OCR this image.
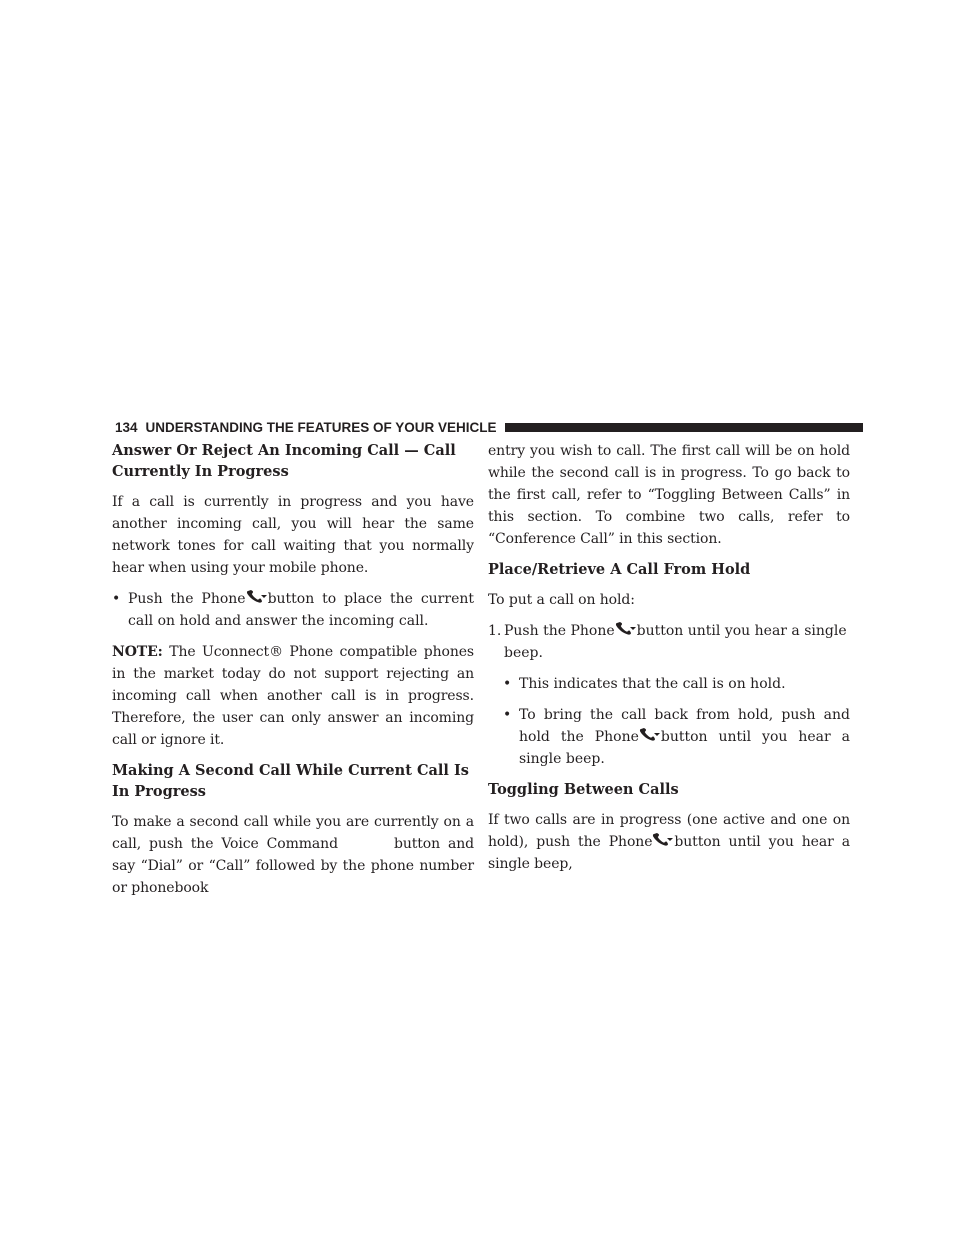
134 UNDERSTANDING THE FEATURES OF YOUR VEHICLE
Answer Or Reject An Incoming Call — Call Currently In Progress

If a call is currently in progress and you have another incoming call, you will hear the same network tones for call waiting that you normally hear when using your mobile phone.

• Push the Phone button to place the current call on hold and answer the incoming call.

NOTE: The Uconnect® Phone compatible phones in the market today do not support rejecting an incoming call when another call is in progress. Therefore, the user can only answer an incoming call or ignore it.

Making A Second Call While Current Call Is In Progress

To make a second call while you are currently on a call, push the Voice Command	button and say “Dial” or “Call” followed by the phone number or phonebook

entry you wish to call. The first call will be on hold while the second call is in progress. To go back to the first call, refer to “Toggling Between Calls” in this section. To combine two calls, refer to “Conference Call” in this section.

Place/Retrieve A Call From Hold

To put a call on hold:

1. Push the Phone button until you hear a single beep.
• This indicates that the call is on hold.
• To bring the call back from hold, push and hold the Phone button until you hear a single beep.
Toggling Between Calls

If two calls are in progress (one active and one on hold), push the Phone button until you hear a single beep,
